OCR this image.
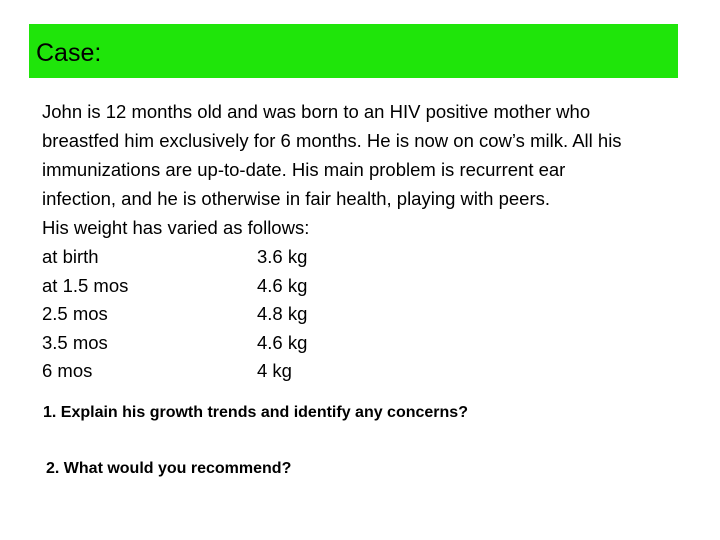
Case:
John is 12 months old and was born to an HIV positive mother who
breastfed him exclusively for 6 months. He is now on cow’s milk. All his
immunizations are up-to-date. His main problem is recurrent ear
infection, and he is otherwise in fair health, playing with peers.
His weight has varied as follows:
at birth	3.6 kg
at 1.5 mos	4.6 kg
2.5 mos	4.8 kg
3.5 mos	4.6 kg
6 mos	4 kg
1. Explain his growth trends and identify any concerns?
2. What would you recommend?
